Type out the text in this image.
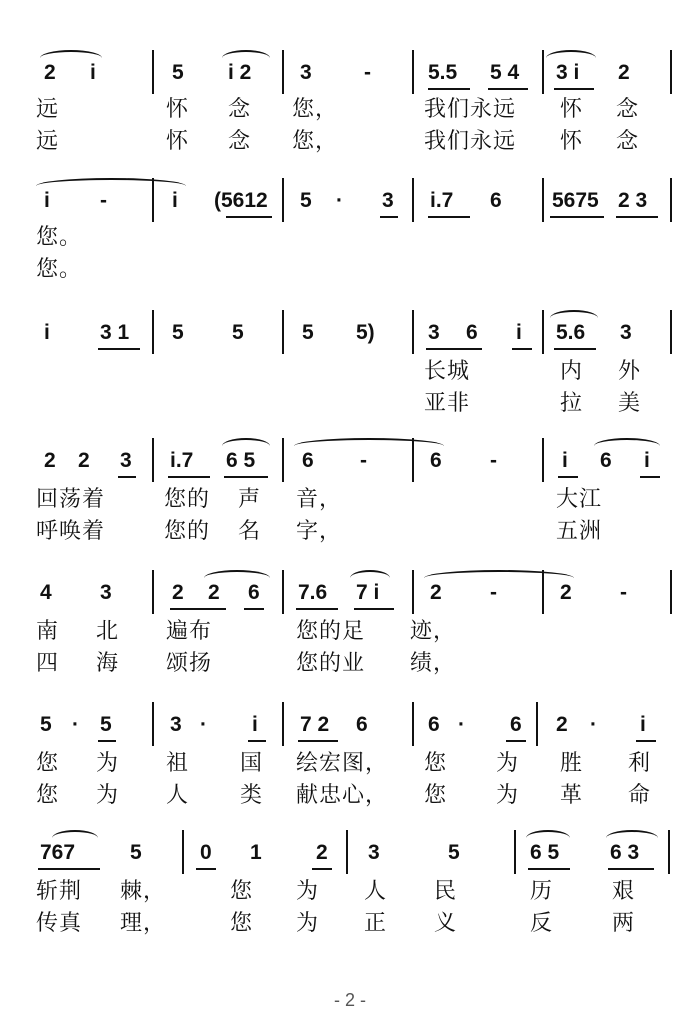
2 i	5 i 2 3 -	5.5 5 4 3 i 2
远	怀 念 您，	我们永远 怀 念
远	怀 念 您，	我们永远 怀 念
i -	i (5612 5 · 3 i.7 6 5675 2 3
您。
您。
i 3 1 5 5	5 5)	3 6 i 5.6 3
长城	内 外
亚非	拉 美
2 2 3 i.7 6 5 6 -	6 -	i 6 i
回荡着	您的 声 音，	大江
呼唤着	您的 名 字，	五洲
4 3	2 2 6 7.6 7 i 2 -	2 -
南 北 遍布	您的足 迹，
四 海 颂扬	您的业 绩，
5 · 5	3 · i 7 2 6	6 · 6 2 · i
您 为 祖 国 绘宏图， 您 为 胜 利
您 为 人 类 献忠心， 您 为 革 命
767	5	0 1	2 3	5	6 5 6 3
斩荆 棘，	您 为 人 民	历	艰
传真 理，	您 为 正 义	反	两
- 2 -
